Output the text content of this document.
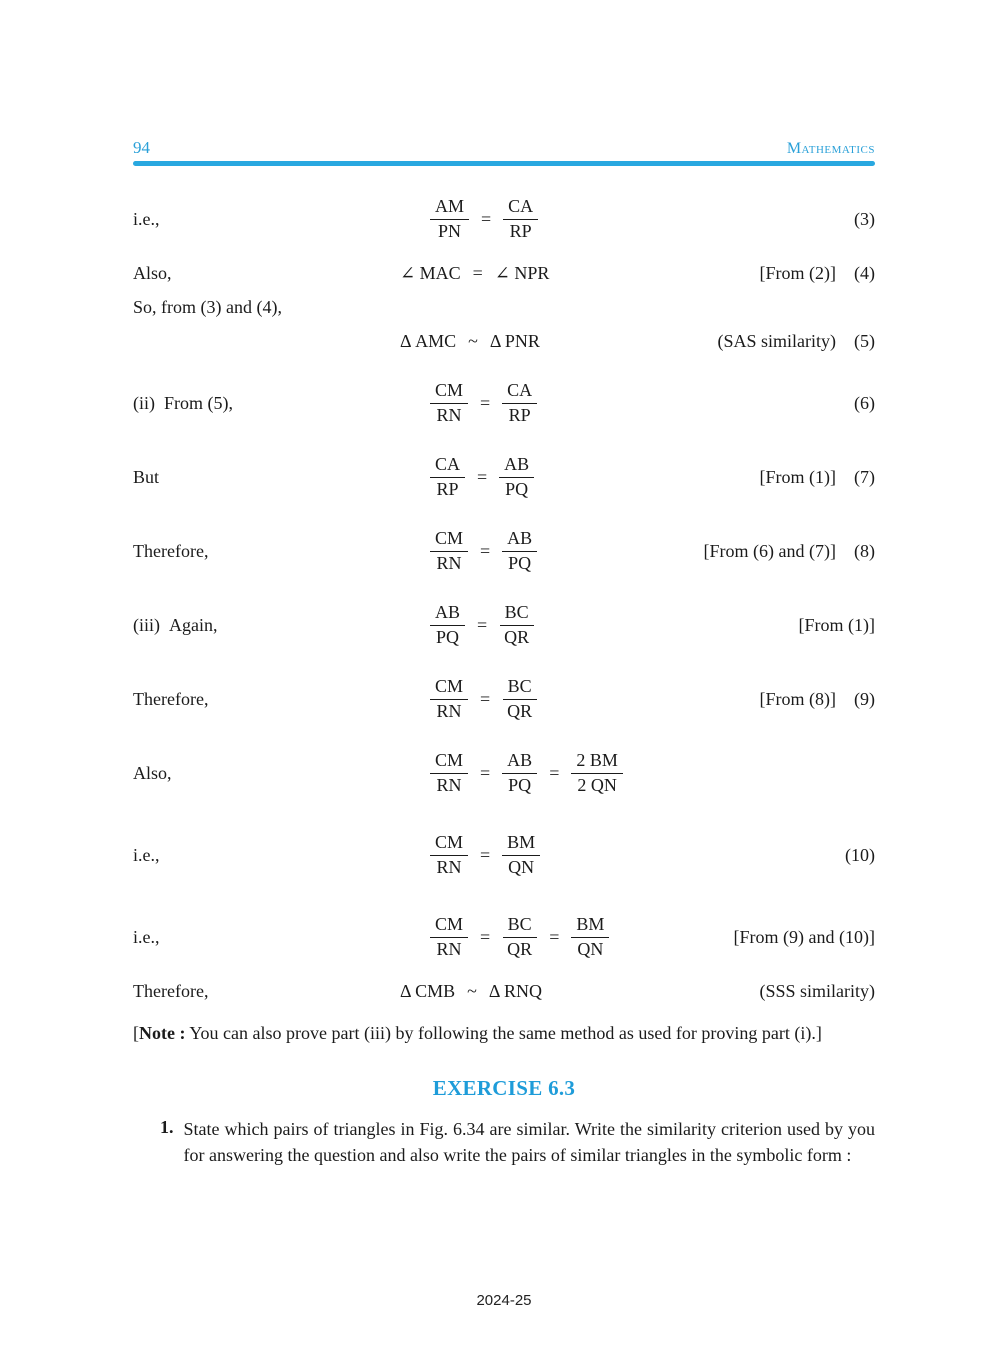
94	Mathematics
i.e.,	$\frac{AM}{PN} = \frac{CA}{RP}$	(3)
Also,	∠ MAC = ∠ NPR	[From (2)] (4)
So, from (3) and (4),
Δ AMC ~ Δ PNR	(SAS similarity) (5)
(ii) From (5),	$\frac{CM}{RN} = \frac{CA}{RP}$	(6)
But	$\frac{CA}{RP} = \frac{AB}{PQ}$	[From (1)] (7)
Therefore,	$\frac{CM}{RN} = \frac{AB}{PQ}$	[From (6) and (7)] (8)
(iii) Again,	$\frac{AB}{PQ} = \frac{BC}{QR}$	[From (1)]
Therefore,	$\frac{CM}{RN} = \frac{BC}{QR}$	[From (8)] (9)
Also,	$\frac{CM}{RN} = \frac{AB}{PQ} = \frac{2 BM}{2 QN}$
i.e.,	$\frac{CM}{RN} = \frac{BM}{QN}$	(10)
i.e.,	$\frac{CM}{RN} = \frac{BC}{QR} = \frac{BM}{QN}$	[From (9) and (10)]
Therefore,	Δ CMB ~ Δ RNQ	(SSS similarity)

[Note : You can also prove part (iii) by following the same method as used for proving part (i).]

EXERCISE 6.3
1. State which pairs of triangles in Fig. 6.34 are similar. Write the similarity criterion used by you for answering the question and also write the pairs of similar triangles in the symbolic form :
2024-25
